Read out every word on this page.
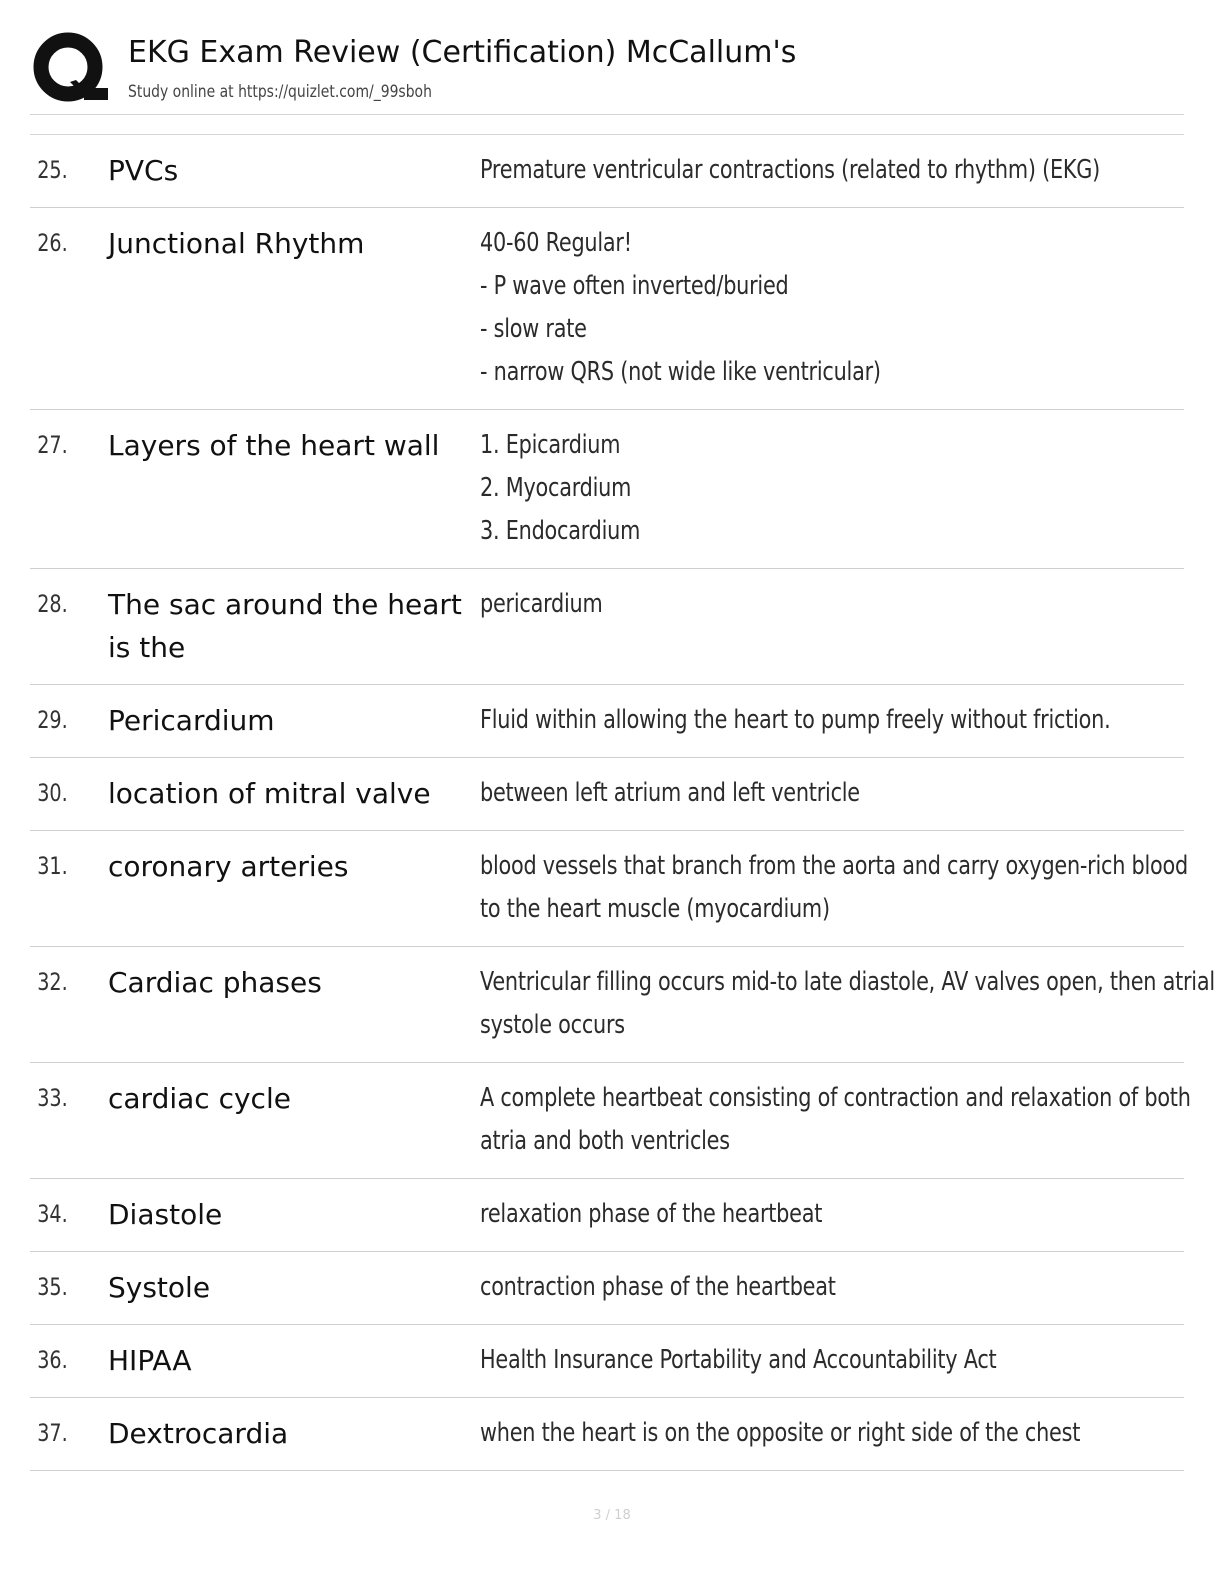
EKG Exam Review (Certification) McCallum's
Study online at https://quizlet.com/_99sboh
25.	PVCs	Premature ventricular contractions (related to rhythm) (EKG)
26.	Junctional Rhythm	40-60 Regular!
- P wave often inverted/buried
- slow rate
- narrow QRS (not wide like ventricular)
27.	Layers of the heart wall	1. Epicardium
2. Myocardium
3. Endocardium
28.	The sac around the heart is the
pericardium
29.	Pericardium	Fluid within allowing the heart to pump freely without friction.
30.	location of mitral valve	between left atrium and left ventricle
31.	coronary arteries	blood vessels that branch from the aorta and carry oxygen-rich blood
to the heart muscle (myocardium)
32.	Cardiac phases	Ventricular filling occurs mid-to late diastole, AV valves open, then atrial
systole occurs
33.	cardiac cycle	A complete heartbeat consisting of contraction and relaxation of both
atria and both ventricles
34.	Diastole	relaxation phase of the heartbeat
35.	Systole	contraction phase of the heartbeat
36.	HIPAA	Health Insurance Portability and Accountability Act
37.	Dextrocardia	when the heart is on the opposite or right side of the chest
3 / 18
